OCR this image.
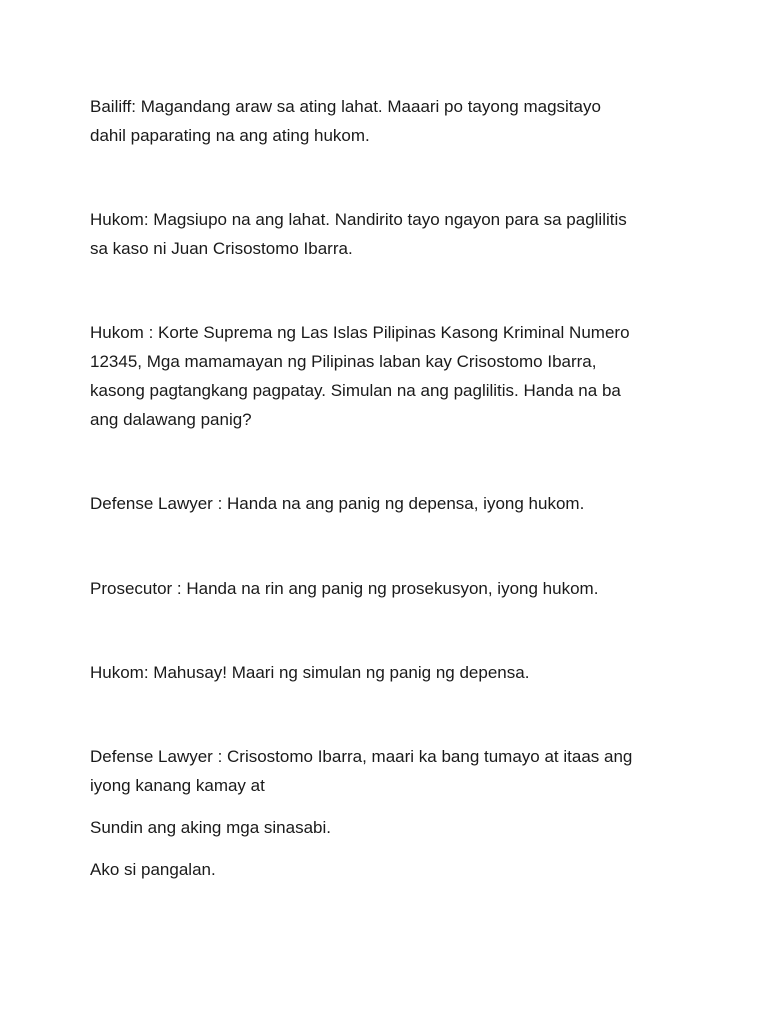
Bailiff: Magandang araw sa ating lahat. Maaari po tayong magsitayo
dahil paparating na ang ating hukom.

Hukom: Magsiupo na ang lahat. Nandirito tayo ngayon para sa paglilitis
sa kaso ni Juan Crisostomo Ibarra.

Hukom : Korte Suprema ng Las Islas Pilipinas Kasong Kriminal Numero
12345, Mga mamamayan ng Pilipinas laban kay Crisostomo Ibarra,
kasong pagtangkang pagpatay. Simulan na ang paglilitis. Handa na ba
ang dalawang panig?

Defense Lawyer : Handa na ang panig ng depensa, iyong hukom.

Prosecutor : Handa na rin ang panig ng prosekusyon, iyong hukom.

Hukom: Mahusay! Maari ng simulan ng panig ng depensa.

Defense Lawyer : Crisostomo Ibarra, maari ka bang tumayo at itaas ang
iyong kanang kamay at

Sundin ang aking mga sinasabi.

Ako si pangalan.
